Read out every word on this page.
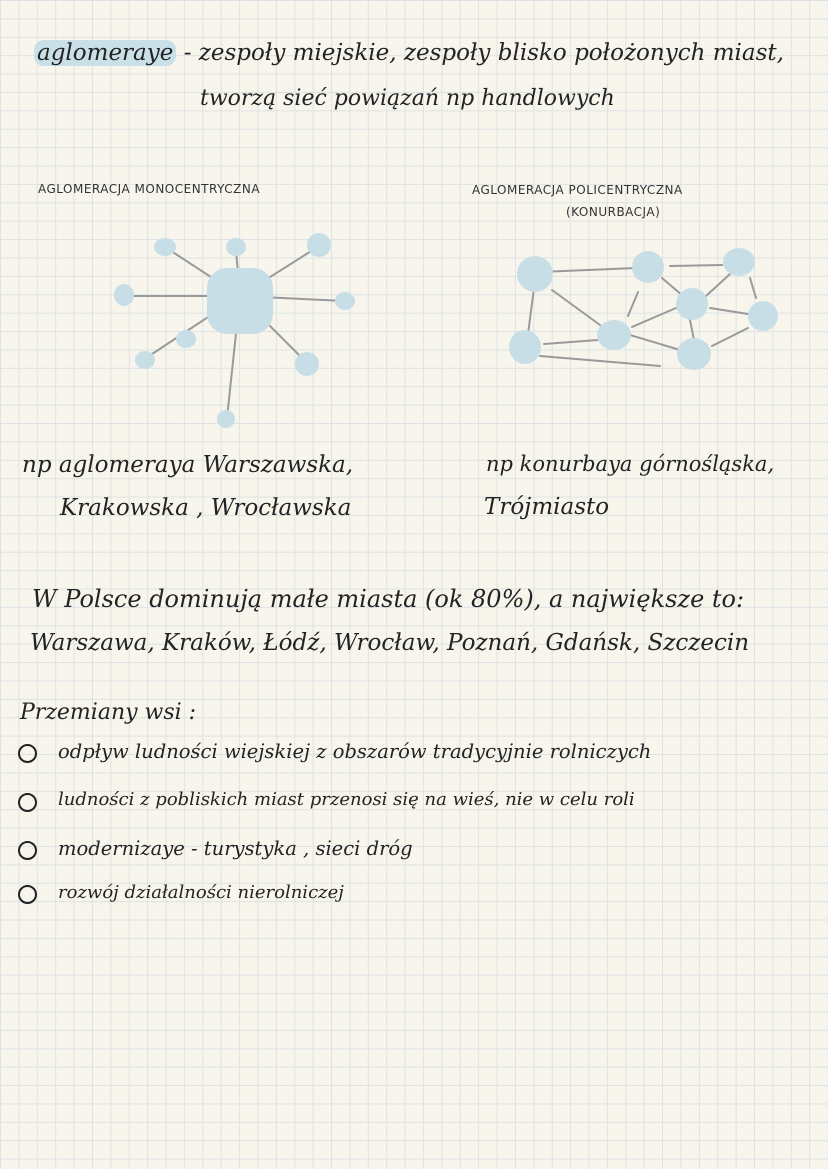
aglomeraye - zespoły miejskie, zespoły blisko położonych miast,
tworzą sieć powiązań np handlowych
AGLOMERACJA MONOCENTRYCZNA	AGLOMERACJA POLICENTRYCZNA
(KONURBACJA)
np aglomeraya Warszawska,
Krakowska , Wrocławska
np konurbaya górnośląska,
Trójmiasto
W Polsce dominują małe miasta (ok 80%), a największe to:
Warszawa, Kraków, Łódź, Wrocław, Poznań, Gdańsk, Szczecin
Przemiany wsi :
odpływ ludności wiejskiej z obszarów tradycyjnie rolniczych
ludności z pobliskich miast przenosi się na wieś, nie w celu roli
modernizaye - turystyka , sieci dróg
rozwój działalności nierolniczej
